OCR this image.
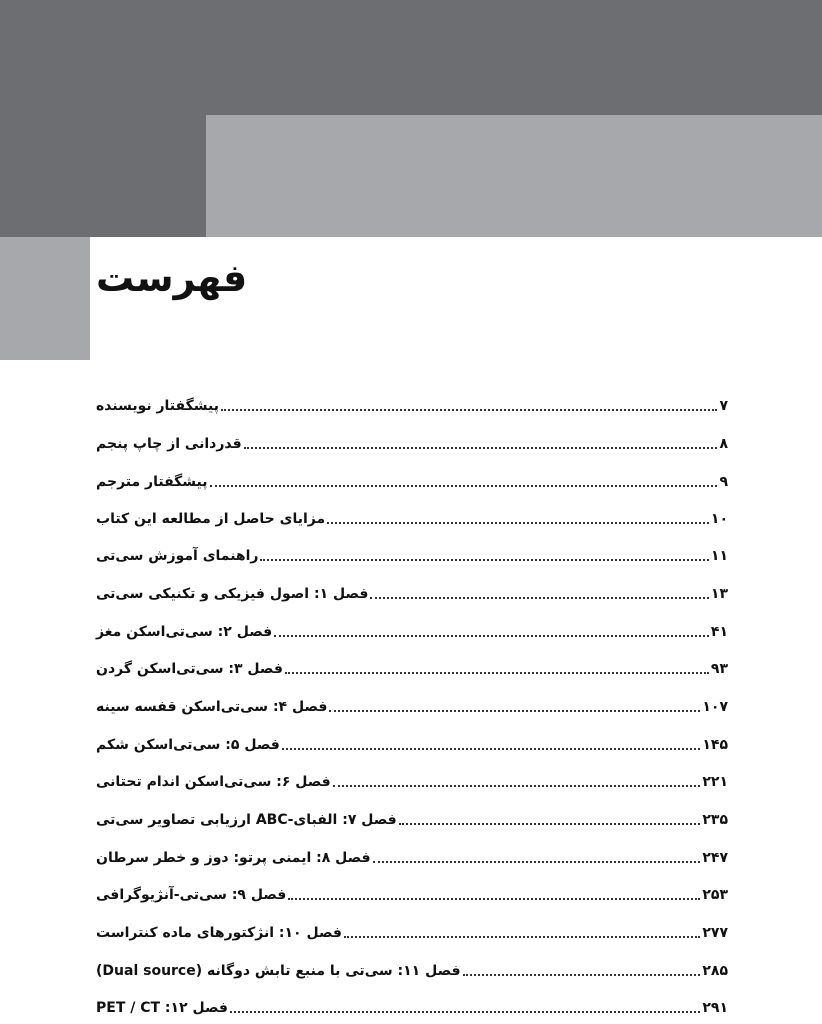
فهرست
پیشگفتار نویسنده	۷
قدردانی از چاپ پنجم	۸
پیشگفتار مترجم	۹
مزایای حاصل از مطالعه این کتاب	۱۰
راهنمای آموزش سی‌تی	۱۱
فصل ۱: اصول فیزیکی و تکنیکی سی‌تی	۱۳
فصل ۲: سی‌تی‌اسکن مغز	۴۱
فصل ۳: سی‌تی‌اسکن گردن	۹۳
فصل ۴: سی‌تی‌اسکن قفسه سینه	۱۰۷
فصل ۵: سی‌تی‌اسکن شکم	۱۴۵
فصل ۶: سی‌تی‌اسکن اندام تحتانی	۲۲۱
فصل ۷: الفبای-ABC ارزیابی تصاویر سی‌تی	۲۳۵
فصل ۸: ایمنی پرتو: دوز و خطر سرطان	۲۴۷
فصل ۹: سی‌تی-آنژیوگرافی	۲۵۳
فصل ۱۰: انژکتورهای ماده کنتراست	۲۷۷
فصل ۱۱: سی‌تی با منبع تابش دوگانه (Dual source)	۲۸۵
فصل ۱۲: PET / CT	۲۹۱
